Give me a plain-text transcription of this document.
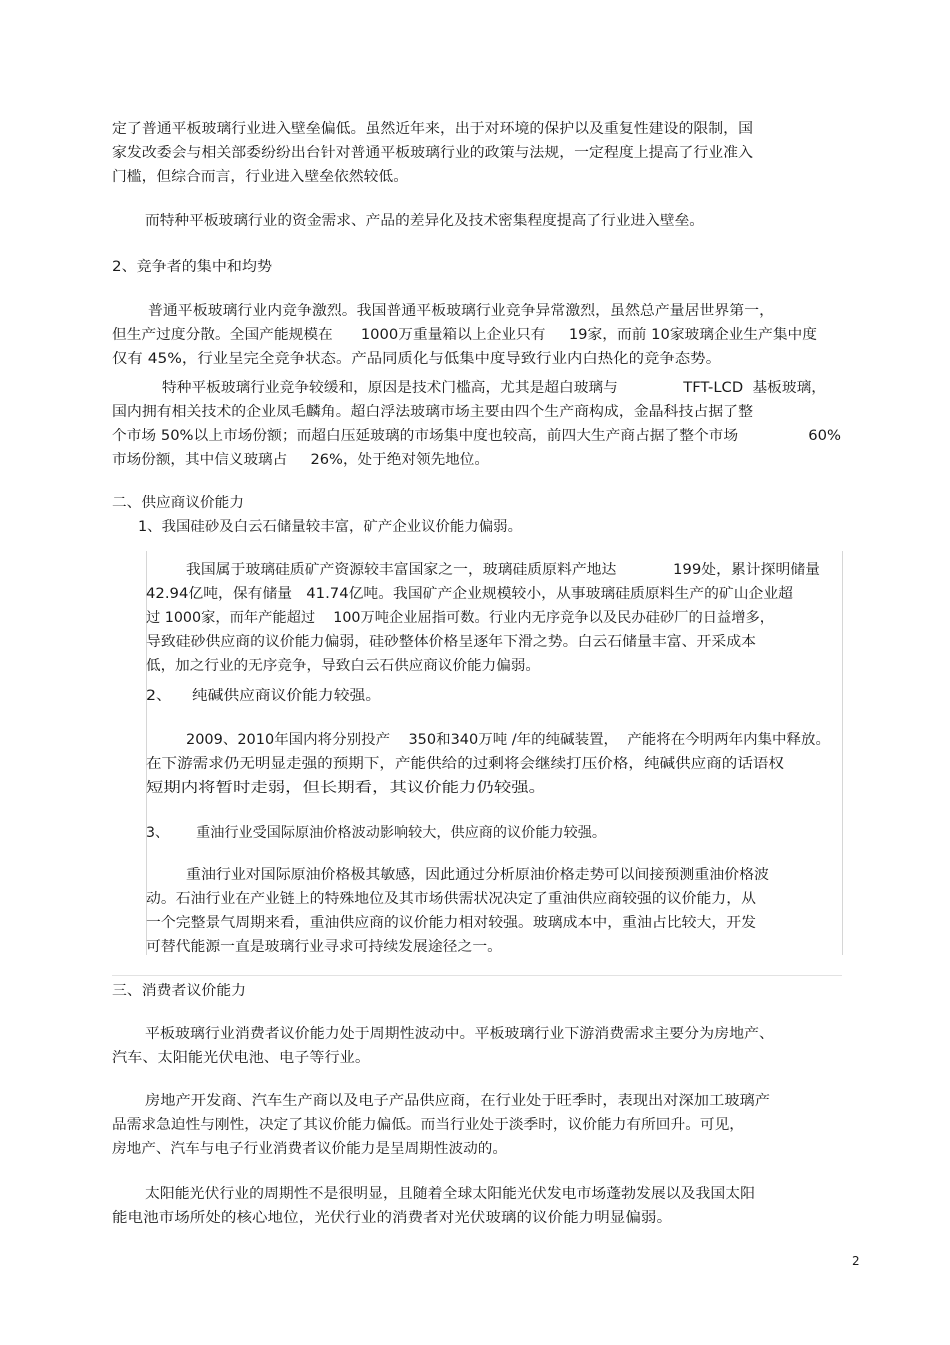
定了普通平板玻璃行业进入壁垒偏低。虽然近年来，出于对环境的保护以及重复性建设的限制，国
家发改委会与相关部委纷纷出台针对普通平板玻璃行业的政策与法规，一定程度上提高了行业准入
门槛，但综合而言，行业进入壁垒依然较低。
而特种平板玻璃行业的资金需求、产品的差异化及技术密集程度提高了行业进入壁垒。
2、竞争者的集中和均势
普通平板玻璃行业内竞争激烈。我国普通平板玻璃行业竞争异常激烈，虽然总产量居世界第一，
但生产过度分散。全国产能规模在      1000万重量箱以上企业只有     19家，而前 10家玻璃企业生产集中度
仅有 45%，行业呈完全竞争状态。产品同质化与低集中度导致行业内白热化的竞争态势。
特种平板玻璃行业竞争较缓和，原因是技术门槛高，尤其是超白玻璃与              TFT-LCD  基板玻璃，
国内拥有相关技术的企业凤毛麟角。超白浮法玻璃市场主要由四个生产商构成，金晶科技占据了整
个市场 50%以上市场份额；而超白压延玻璃的市场集中度也较高，前四大生产商占据了整个市场               60%
市场份额，其中信义玻璃占     26%，处于绝对领先地位。
二、供应商议价能力
1、我国硅砂及白云石储量较丰富，矿产企业议价能力偏弱。
我国属于玻璃硅质矿产资源较丰富国家之一，玻璃硅质原料产地达            199处，累计探明储量
42.94亿吨，保有储量   41.74亿吨。我国矿产企业规模较小，从事玻璃硅质原料生产的矿山企业超
过 1000家，而年产能超过    100万吨企业屈指可数。行业内无序竞争以及民办硅砂厂的日益增多，
导致硅砂供应商的议价能力偏弱，硅砂整体价格呈逐年下滑之势。白云石储量丰富、开采成本
低，加之行业的无序竞争，导致白云石供应商议价能力偏弱。
2、    纯碱供应商议价能力较强。
2009、2010年国内将分别投产    350和340万吨 /年的纯碱装置，  产能将在今明两年内集中释放。
在下游需求仍无明显走强的预期下，产能供给的过剩将会继续打压价格，纯碱供应商的话语权
短期内将暂时走弱，但长期看，其议价能力仍较强。
3、      重油行业受国际原油价格波动影响较大，供应商的议价能力较强。
重油行业对国际原油价格极其敏感，因此通过分析原油价格走势可以间接预测重油价格波
动。石油行业在产业链上的特殊地位及其市场供需状况决定了重油供应商较强的议价能力，从
一个完整景气周期来看，重油供应商的议价能力相对较强。玻璃成本中，重油占比较大，开发
可替代能源一直是玻璃行业寻求可持续发展途径之一。
三、消费者议价能力
平板玻璃行业消费者议价能力处于周期性波动中。平板玻璃行业下游消费需求主要分为房地产、
汽车、太阳能光伏电池、电子等行业。
房地产开发商、汽车生产商以及电子产品供应商，在行业处于旺季时，表现出对深加工玻璃产
品需求急迫性与刚性，决定了其议价能力偏低。而当行业处于淡季时，议价能力有所回升。可见，
房地产、汽车与电子行业消费者议价能力是呈周期性波动的。
太阳能光伏行业的周期性不是很明显，且随着全球太阳能光伏发电市场蓬勃发展以及我国太阳
能电池市场所处的核心地位，光伏行业的消费者对光伏玻璃的议价能力明显偏弱。
2
